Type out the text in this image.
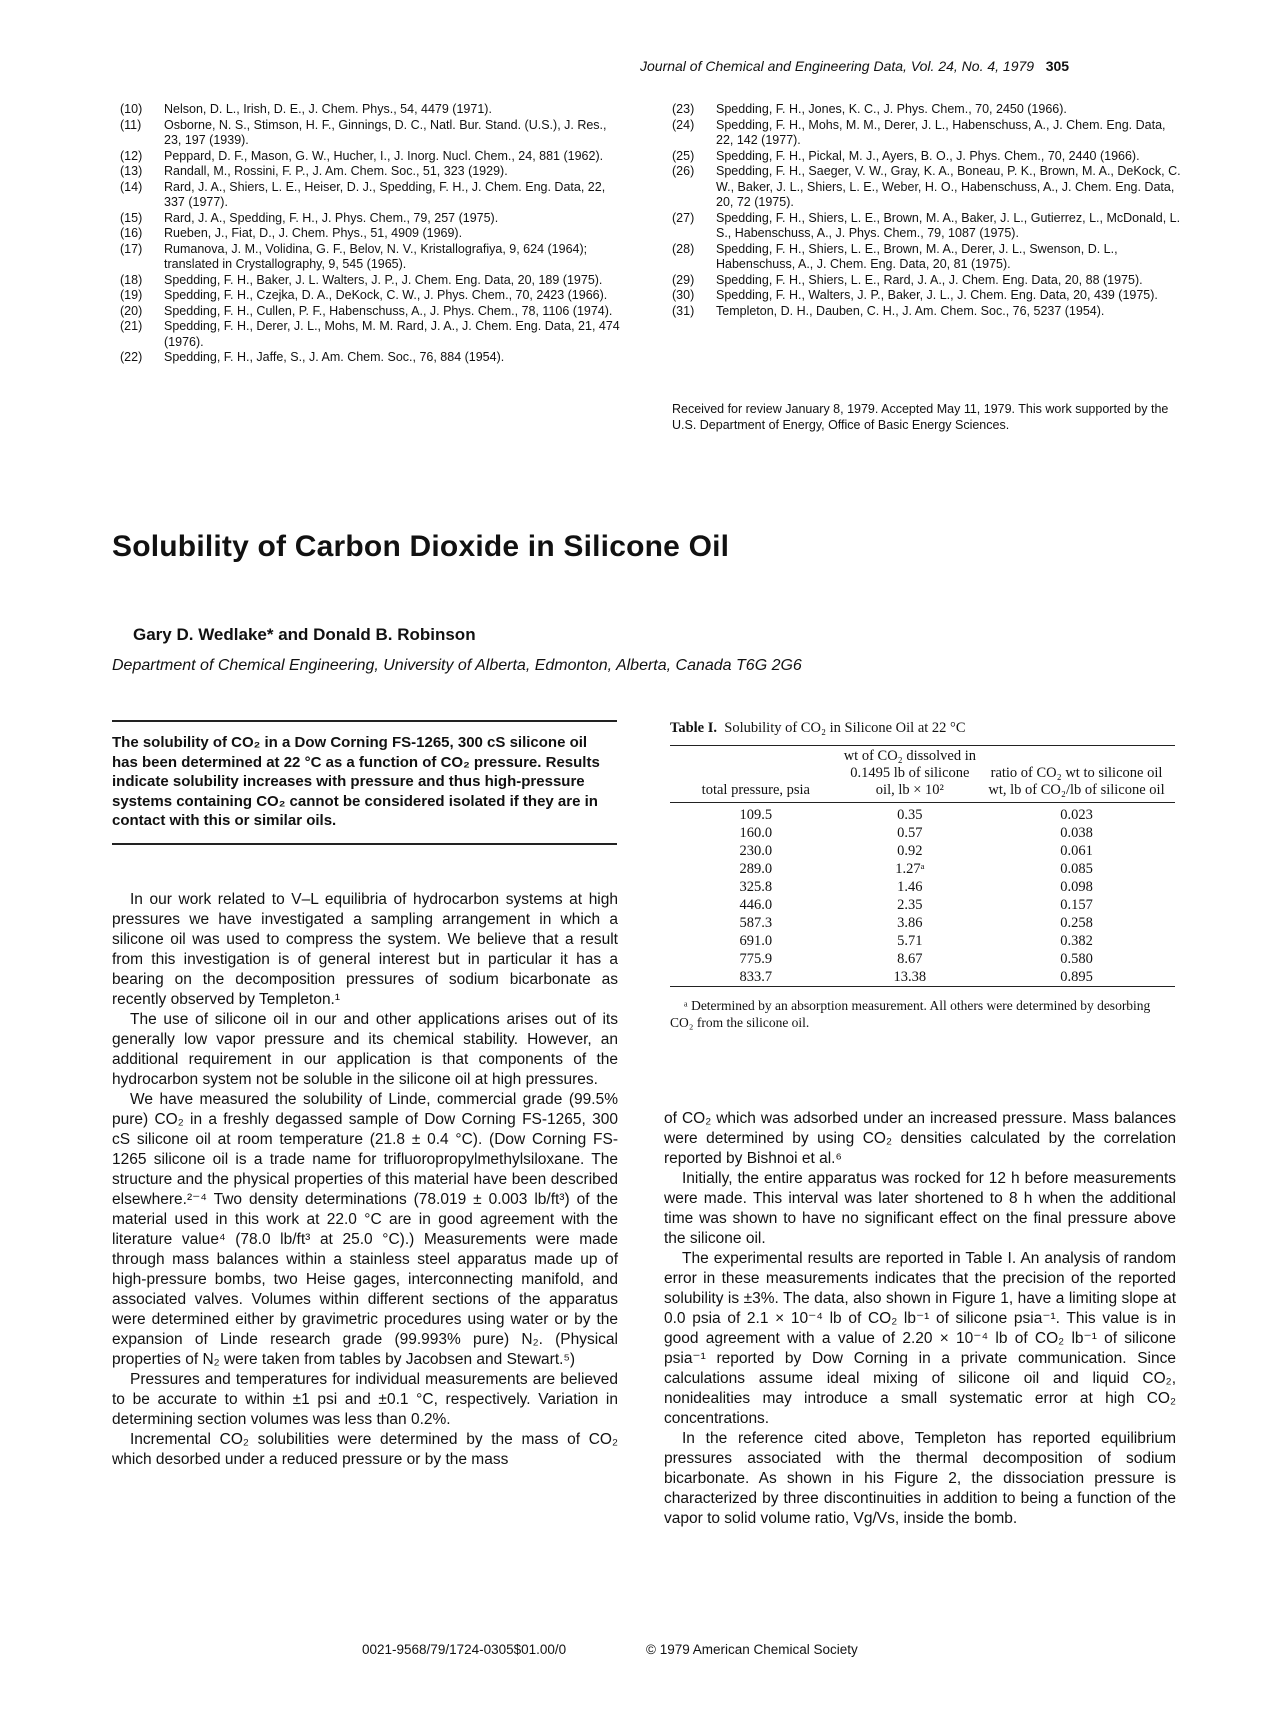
Journal of Chemical and Engineering Data, Vol. 24, No. 4, 1979 305
(10)	Nelson, D. L., Irish, D. E., J. Chem. Phys., 54, 4479 (1971).
(11)	Osborne, N. S., Stimson, H. F., Ginnings, D. C., Natl. Bur. Stand. (U.S.), J. Res., 23, 197 (1939).
(12)	Peppard, D. F., Mason, G. W., Hucher, I., J. Inorg. Nucl. Chem., 24, 881 (1962).
(13)	Randall, M., Rossini, F. P., J. Am. Chem. Soc., 51, 323 (1929).
(14)	Rard, J. A., Shiers, L. E., Heiser, D. J., Spedding, F. H., J. Chem. Eng. Data, 22, 337 (1977).
(15)	Rard, J. A., Spedding, F. H., J. Phys. Chem., 79, 257 (1975).
(16)	Rueben, J., Fiat, D., J. Chem. Phys., 51, 4909 (1969).
(17)	Rumanova, J. M., Volidina, G. F., Belov, N. V., Kristallografiya, 9, 624 (1964); translated in Crystallography, 9, 545 (1965).
(18)	Spedding, F. H., Baker, J. L. Walters, J. P., J. Chem. Eng. Data, 20, 189 (1975).
(19)	Spedding, F. H., Czejka, D. A., DeKock, C. W., J. Phys. Chem., 70, 2423 (1966).
(20)	Spedding, F. H., Cullen, P. F., Habenschuss, A., J. Phys. Chem., 78, 1106 (1974).
(21)	Spedding, F. H., Derer, J. L., Mohs, M. M. Rard, J. A., J. Chem. Eng. Data, 21, 474 (1976).
(22)	Spedding, F. H., Jaffe, S., J. Am. Chem. Soc., 76, 884 (1954).
(23)	Spedding, F. H., Jones, K. C., J. Phys. Chem., 70, 2450 (1966).
(24)	Spedding, F. H., Mohs, M. M., Derer, J. L., Habenschuss, A., J. Chem. Eng. Data, 22, 142 (1977).
(25)	Spedding, F. H., Pickal, M. J., Ayers, B. O., J. Phys. Chem., 70, 2440 (1966).
(26)	Spedding, F. H., Saeger, V. W., Gray, K. A., Boneau, P. K., Brown, M. A., DeKock, C. W., Baker, J. L., Shiers, L. E., Weber, H. O., Habenschuss, A., J. Chem. Eng. Data, 20, 72 (1975).
(27)	Spedding, F. H., Shiers, L. E., Brown, M. A., Baker, J. L., Gutierrez, L., McDonald, L. S., Habenschuss, A., J. Phys. Chem., 79, 1087 (1975).
(28)	Spedding, F. H., Shiers, L. E., Brown, M. A., Derer, J. L., Swenson, D. L., Habenschuss, A., J. Chem. Eng. Data, 20, 81 (1975).
(29)	Spedding, F. H., Shiers, L. E., Rard, J. A., J. Chem. Eng. Data, 20, 88 (1975).
(30)	Spedding, F. H., Walters, J. P., Baker, J. L., J. Chem. Eng. Data, 20, 439 (1975).
(31)	Templeton, D. H., Dauben, C. H., J. Am. Chem. Soc., 76, 5237 (1954).
Received for review January 8, 1979. Accepted May 11, 1979. This work supported by the U.S. Department of Energy, Office of Basic Energy Sciences.
Solubility of Carbon Dioxide in Silicone Oil
Gary D. Wedlake* and Donald B. Robinson
Department of Chemical Engineering, University of Alberta, Edmonton, Alberta, Canada T6G 2G6
The solubility of CO₂ in a Dow Corning FS-1265, 300 cS silicone oil has been determined at 22 °C as a function of CO₂ pressure. Results indicate solubility increases with pressure and thus high-pressure systems containing CO₂ cannot be considered isolated if they are in contact with this or similar oils.

In our work related to V–L equilibria of hydrocarbon systems at high pressures we have investigated a sampling arrangement in which a silicone oil was used to compress the system. We believe that a result from this investigation is of general interest but in particular it has a bearing on the decomposition pressures of sodium bicarbonate as recently observed by Templeton.¹

The use of silicone oil in our and other applications arises out of its generally low vapor pressure and its chemical stability. However, an additional requirement in our application is that components of the hydrocarbon system not be soluble in the silicone oil at high pressures.

We have measured the solubility of Linde, commercial grade (99.5% pure) CO₂ in a freshly degassed sample of Dow Corning FS-1265, 300 cS silicone oil at room temperature (21.8 ± 0.4 °C). (Dow Corning FS-1265 silicone oil is a trade name for trifluoropropylmethylsiloxane. The structure and the physical properties of this material have been described elsewhere.²⁻⁴ Two density determinations (78.019 ± 0.003 lb/ft³) of the material used in this work at 22.0 °C are in good agreement with the literature value⁴ (78.0 lb/ft³ at 25.0 °C).) Measurements were made through mass balances within a stainless steel apparatus made up of high-pressure bombs, two Heise gages, interconnecting manifold, and associated valves. Volumes within different sections of the apparatus were determined either by gravimetric procedures using water or by the expansion of Linde research grade (99.993% pure) N₂. (Physical properties of N₂ were taken from tables by Jacobsen and Stewart.⁵)

Pressures and temperatures for individual measurements are believed to be accurate to within ±1 psi and ±0.1 °C, respectively. Variation in determining section volumes was less than 0.2%.

Incremental CO₂ solubilities were determined by the mass of CO₂ which desorbed under a reduced pressure or by the mass

of CO₂ which was adsorbed under an increased pressure. Mass balances were determined by using CO₂ densities calculated by the correlation reported by Bishnoi et al.⁶

Initially, the entire apparatus was rocked for 12 h before measurements were made. This interval was later shortened to 8 h when the additional time was shown to have no significant effect on the final pressure above the silicone oil.

The experimental results are reported in Table I. An analysis of random error in these measurements indicates that the precision of the reported solubility is ±3%. The data, also shown in Figure 1, have a limiting slope at 0.0 psia of 2.1 × 10⁻⁴ lb of CO₂ lb⁻¹ of silicone psia⁻¹. This value is in good agreement with a value of 2.20 × 10⁻⁴ lb of CO₂ lb⁻¹ of silicone psia⁻¹ reported by Dow Corning in a private communication. Since calculations assume ideal mixing of silicone oil and liquid CO₂, nonidealities may introduce a small systematic error at high CO₂ concentrations.

In the reference cited above, Templeton has reported equilibrium pressures associated with the thermal decomposition of sodium bicarbonate. As shown in his Figure 2, the dissociation pressure is characterized by three discontinuities in addition to being a function of the vapor to solid volume ratio, Vg/Vs, inside the bomb.

Table I. Solubility of CO₂ in Silicone Oil at 22 °C
total pressure, psia	wt of CO₂ dissolved in 0.1495 lb of silicone oil, lb × 10²	ratio of CO₂ wt to silicone oil wt, lb of CO₂/lb of silicone oil
109.5	0.35	0.023
160.0	0.57	0.038
230.0	0.92	0.061
289.0	1.27ᵃ	0.085
325.8	1.46	0.098
446.0	2.35	0.157
587.3	3.86	0.258
691.0	5.71	0.382
775.9	8.67	0.580
833.7	13.38	0.895
ᵃ Determined by an absorption measurement. All others were determined by desorbing CO₂ from the silicone oil.
0021-9568/79/1724-0305$01.00/0	© 1979 American Chemical Society
